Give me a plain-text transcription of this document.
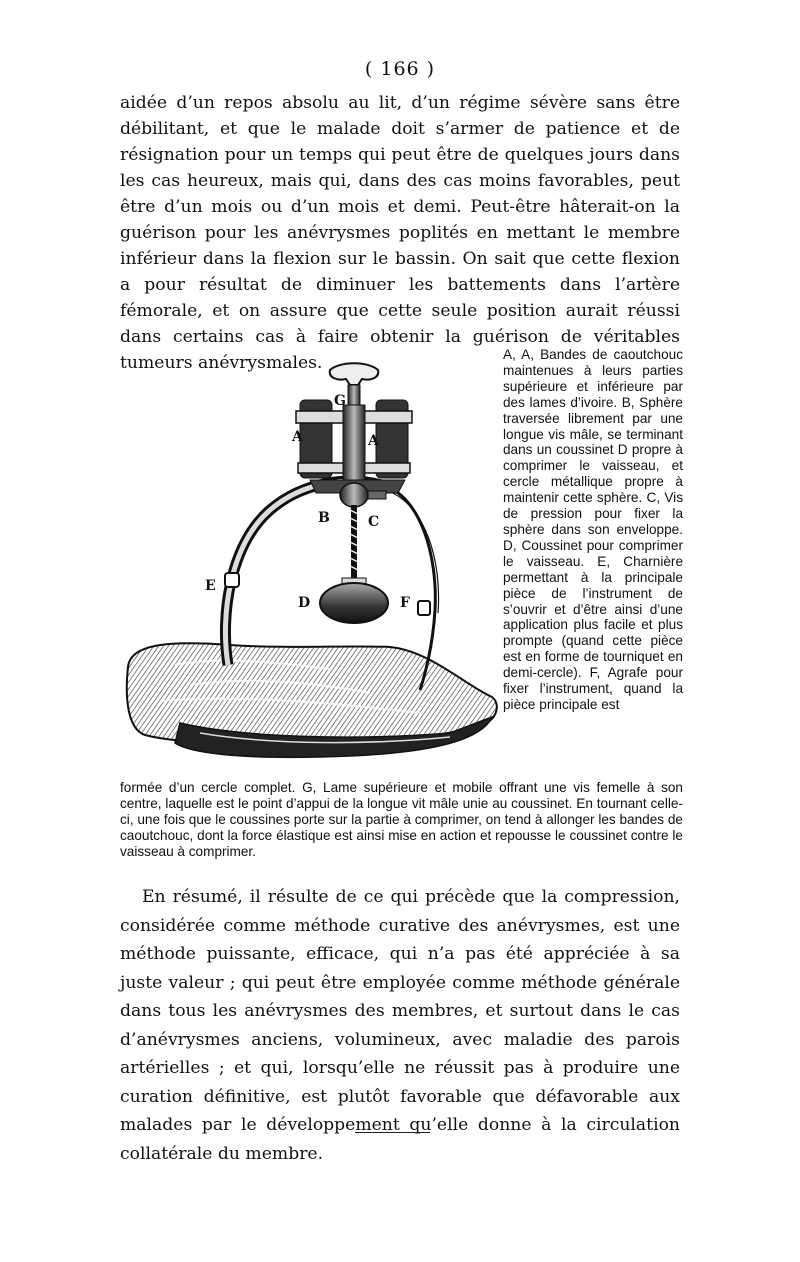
( 166 )

aidée d’un repos absolu au lit, d’un régime sévère sans être débilitant, et que le malade doit s’armer de patience et de résignation pour un temps qui peut être de quelques jours dans les cas heureux, mais qui, dans des cas moins favorables, peut être d’un mois ou d’un mois et demi. Peut-être hâterait-on la guérison pour les anévrysmes poplités en mettant le membre inférieur dans la flexion sur le bassin. On sait que cette flexion a pour résultat de diminuer les battements dans l’artère fémorale, et on assure que cette seule position aurait réussi dans certains cas à faire obtenir la guérison de véritables tumeurs anévrysmales.

G
A	A
B	C
E
D	F

A, A, Bandes de caoutchouc maintenues à leurs parties supérieure et inférieure par des lames d’ivoire. B, Sphère traversée librement par une longue vis mâle, se terminant dans un coussinet D propre à comprimer le vaisseau, et cercle métallique propre à maintenir cette sphère. C, Vis de pression pour fixer la sphère dans son enveloppe. D, Coussinet pour comprimer le vaisseau. E, Charnière permettant à la principale pièce de l’instrument de s’ouvrir et d’être ainsi d’une application plus facile et plus prompte (quand cette pièce est en forme de tourniquet en demi-cercle). F, Agrafe pour fixer l’instrument, quand la pièce principale est

formée d’un cercle complet. G, Lame supérieure et mobile offrant une vis femelle à son centre, laquelle est le point d’appui de la longue vit mâle unie au coussinet. En tournant celle-ci, une fois que le coussines porte sur la partie à comprimer, on tend à allonger les bandes de caoutchouc, dont la force élastique est ainsi mise en action et repousse le coussinet contre le vaisseau à comprimer.

En résumé, il résulte de ce qui précède que la compression, considérée comme méthode curative des anévrysmes, est une méthode puissante, efficace, qui n’a pas été appréciée à sa juste valeur ; qui peut être employée comme méthode générale dans tous les anévrysmes des membres, et surtout dans le cas d’anévrysmes anciens, volumineux, avec maladie des parois artérielles ; et qui, lorsqu’elle ne réussit pas à produire une curation définitive, est plutôt favorable que défavorable aux malades par le développement qu’elle donne à la circulation collatérale du membre.
